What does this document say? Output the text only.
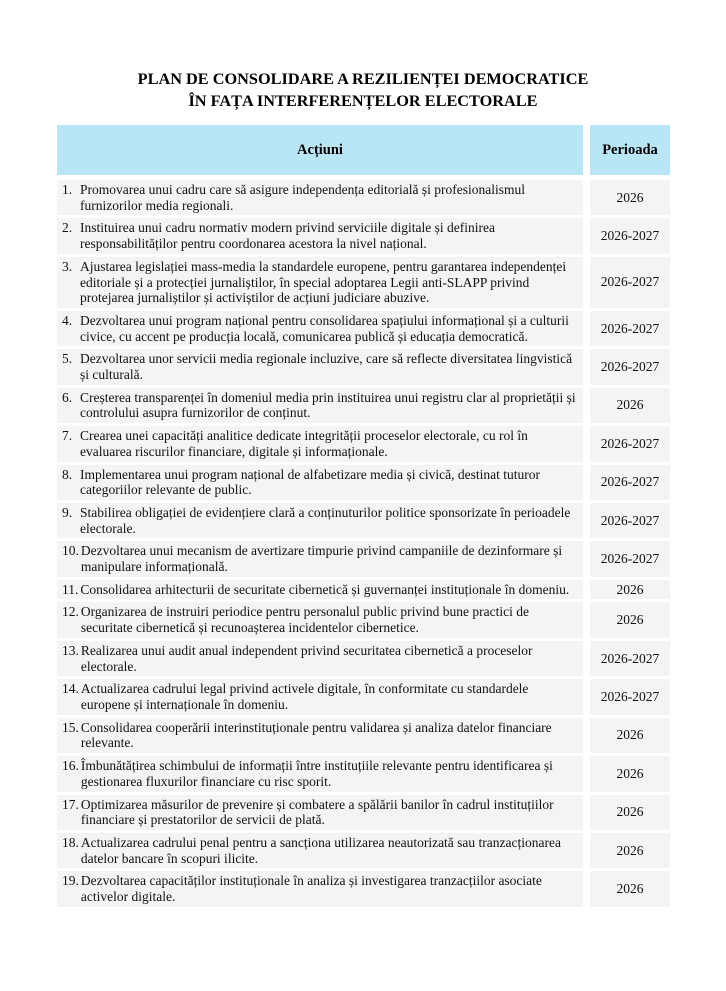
PLAN DE CONSOLIDARE A REZILIENȚEI DEMOCRATICE
ÎN FAȚA INTERFERENȚELOR ELECTORALE
Acțiuni	Perioada
1. Promovarea unui cadru care să asigure independența editorială și profesionalismul furnizorilor media regionali.
2026
2. Instituirea unui cadru normativ modern privind serviciile digitale și definirea responsabilităților pentru coordonarea acestora la nivel național.
2026-2027
3. Ajustarea legislației mass-media la standardele europene, pentru garantarea independenței editoriale și a protecției jurnaliștilor, în special adoptarea Legii anti-SLAPP privind protejarea jurnaliștilor și activiștilor de acțiuni judiciare abuzive.
2026-2027
4. Dezvoltarea unui program național pentru consolidarea spațiului informațional și a culturii civice, cu accent pe producția locală, comunicarea publică și educația democratică.
2026-2027
5. Dezvoltarea unor servicii media regionale incluzive, care să reflecte diversitatea lingvistică și culturală.
2026-2027
6. Creșterea transparenței în domeniul media prin instituirea unui registru clar al proprietății și controlului asupra furnizorilor de conținut.
2026
7. Crearea unei capacități analitice dedicate integrității proceselor electorale, cu rol în evaluarea riscurilor financiare, digitale și informaționale.
2026-2027
8. Implementarea unui program național de alfabetizare media și civică, destinat tuturor categoriilor relevante de public.
2026-2027
9. Stabilirea obligației de evidențiere clară a conținuturilor politice sponsorizate în perioadele electorale.
2026-2027
10. Dezvoltarea unui mecanism de avertizare timpurie privind campaniile de dezinformare și manipulare informațională.
2026-2027
11. Consolidarea arhitecturii de securitate cibernetică și guvernanței instituționale în domeniu.	2026
12. Organizarea de instruiri periodice pentru personalul public privind bune practici de securitate cibernetică și recunoașterea incidentelor cibernetice.
2026
13. Realizarea unui audit anual independent privind securitatea cibernetică a proceselor electorale.
2026-2027
14. Actualizarea cadrului legal privind activele digitale, în conformitate cu standardele europene și internaționale în domeniu.
2026-2027
15. Consolidarea cooperării interinstituționale pentru validarea și analiza datelor financiare relevante.
2026
16. Îmbunătățirea schimbului de informații între instituțiile relevante pentru identificarea și gestionarea fluxurilor financiare cu risc sporit.
2026
17. Optimizarea măsurilor de prevenire și combatere a spălării banilor în cadrul instituțiilor financiare și prestatorilor de servicii de plată.
2026
18. Actualizarea cadrului penal pentru a sancționa utilizarea neautorizată sau tranzacționarea datelor bancare în scopuri ilicite.
2026
19. Dezvoltarea capacităților instituționale în analiza și investigarea tranzacțiilor asociate activelor digitale.
2026
